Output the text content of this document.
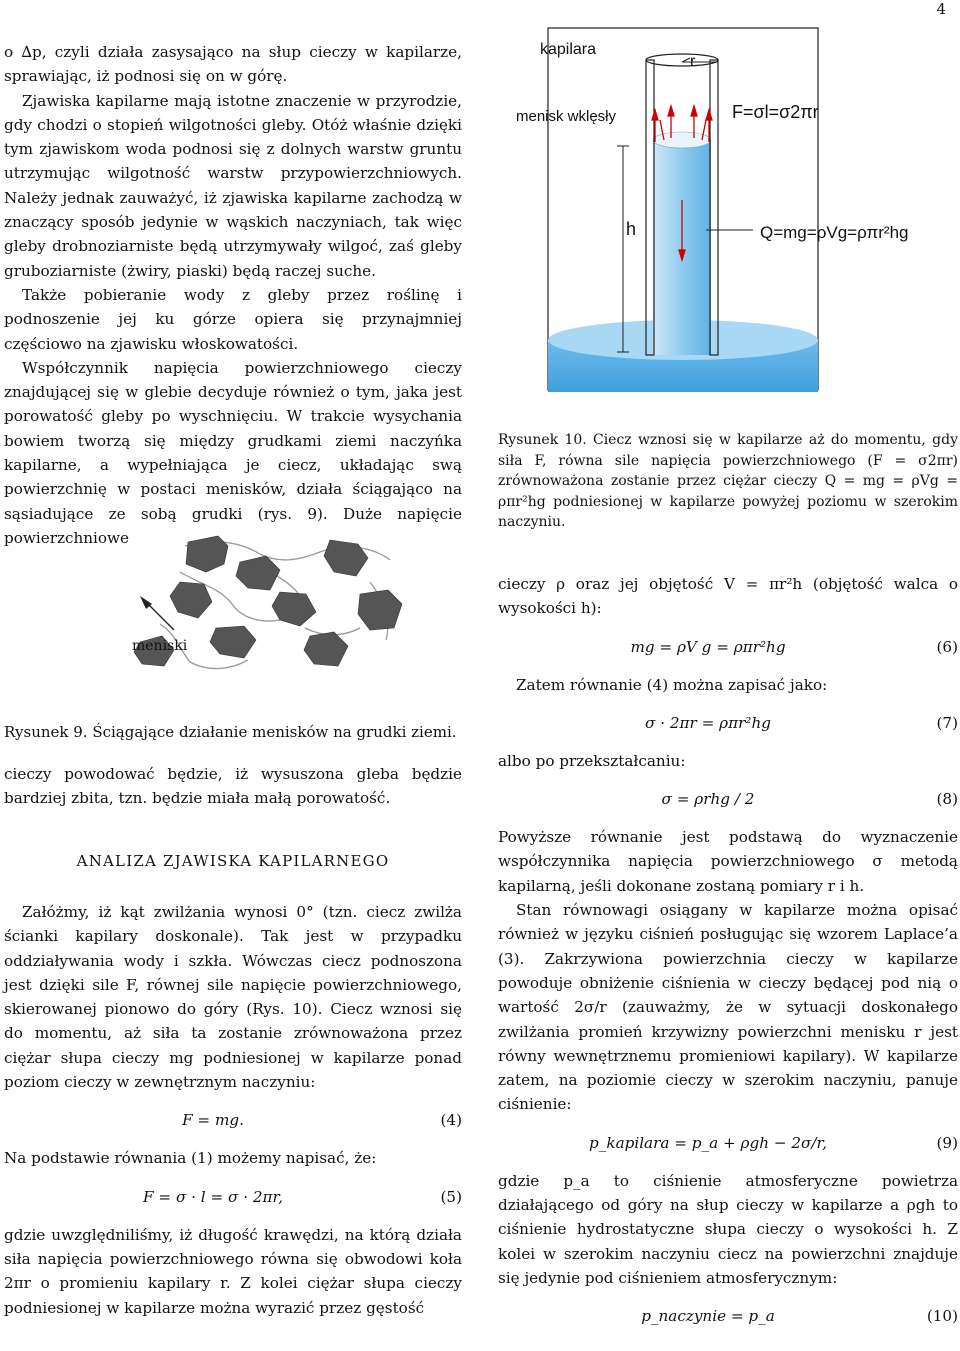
4

o ∆p, czyli działa zasysająco na słup cieczy w kapilarze, sprawiając, iż podnosi się on w górę.

Zjawiska kapilarne mają istotne znaczenie w przyrodzie, gdy chodzi o stopień wilgotności gleby. Otóż właśnie dzięki tym zjawiskom woda podnosi się z dolnych warstw gruntu utrzymując wilgotność warstw przypowierzchniowych. Należy jednak zauważyć, iż zjawiska kapilarne zachodzą w znaczący sposób jedynie w wąskich naczyniach, tak więc gleby drobnoziarniste będą utrzymywały wilgoć, zaś gleby gruboziarniste (żwiry, piaski) będą raczej suche.

Także pobieranie wody z gleby przez roślinę i podnoszenie jej ku górze opiera się przynajmniej częściowo na zjawisku włoskowatości.

Współczynnik napięcia powierzchniowego cieczy znajdującej się w glebie decyduje również o tym, jaka jest porowatość gleby po wyschnięciu. W trakcie wysychania bowiem tworzą się między grudkami ziemi naczyńka kapilarne, a wypełniająca je ciecz, układając swą powierzchnię w postaci menisków, działa ściągająco na sąsiadujące ze sobą grudki (rys. 9). Duże napięcie powierzchniowe

meniski
Rysunek 9. Ściągające działanie menisków na grudki ziemi.

cieczy powodować będzie, iż wysuszona gleba będzie bardziej zbita, tzn. będzie miała małą porowatość.

ANALIZA ZJAWISKA KAPILARNEGO

Załóżmy, iż kąt zwilżania wynosi 0° (tzn. ciecz zwilża ścianki kapilary doskonale). Tak jest w przypadku oddziaływania wody i szkła. Wówczas ciecz podnoszona jest dzięki sile F, równej sile napięcie powierzchniowego, skierowanej pionowo do góry (Rys. 10). Ciecz wznosi się do momentu, aż siła ta zostanie zrównoważona przez ciężar słupa cieczy mg podniesionej w kapilarze ponad poziom cieczy w zewnętrznym naczyniu:

F = mg.	(4)

Na podstawie równania (1) możemy napisać, że:

F = σ · l = σ · 2πr,	(5)

gdzie uwzględniliśmy, iż długość krawędzi, na którą działa siła napięcia powierzchniowego równa się obwodowi koła 2πr o promieniu kapilary r. Z kolei ciężar słupa cieczy podniesionej w kapilarze można wyrazić przez gęstość

kapilara
r
menisk wklęsły	F=σl=σ2πr
h	Q=mg=ρVg=ρπr²hg
Rysunek 10. Ciecz wznosi się w kapilarze aż do momentu, gdy siła F, równa sile napięcia powierzchniowego (F = σ2πr) zrównoważona zostanie przez ciężar cieczy Q = mg = ρVg = ρπr²hg podniesionej w kapilarze powyżej poziomu w szerokim naczyniu.

cieczy ρ oraz jej objętość V = πr²h (objętość walca o wysokości h):

mg = ρV g = ρπr²hg	(6)

Zatem równanie (4) można zapisać jako:

σ · 2πr = ρπr²hg	(7)

albo po przekształcaniu:

σ = ρrhg / 2	(8)

Powyższe równanie jest podstawą do wyznaczenie współczynnika napięcia powierzchniowego σ metodą kapilarną, jeśli dokonane zostaną pomiary r i h.

Stan równowagi osiągany w kapilarze można opisać również w języku ciśnień posługując się wzorem Laplace’a (3). Zakrzywiona powierzchnia cieczy w kapilarze powoduje obniżenie ciśnienia w cieczy będącej pod nią o wartość 2σ/r (zauważmy, że w sytuacji doskonałego zwilżania promień krzywizny powierzchni menisku r jest równy wewnętrznemu promieniowi kapilary). W kapilarze zatem, na poziomie cieczy w szerokim naczyniu, panuje ciśnienie:

p_kapilara = p_a + ρgh − 2σ/r,	(9)

gdzie p_a to ciśnienie atmosferyczne powietrza działającego od góry na słup cieczy w kapilarze a ρgh to ciśnienie hydrostatyczne słupa cieczy o wysokości h. Z kolei w szerokim naczyniu ciecz na powierzchni znajduje się jedynie pod ciśnieniem atmosferycznym:

p_naczynie = p_a	(10)
